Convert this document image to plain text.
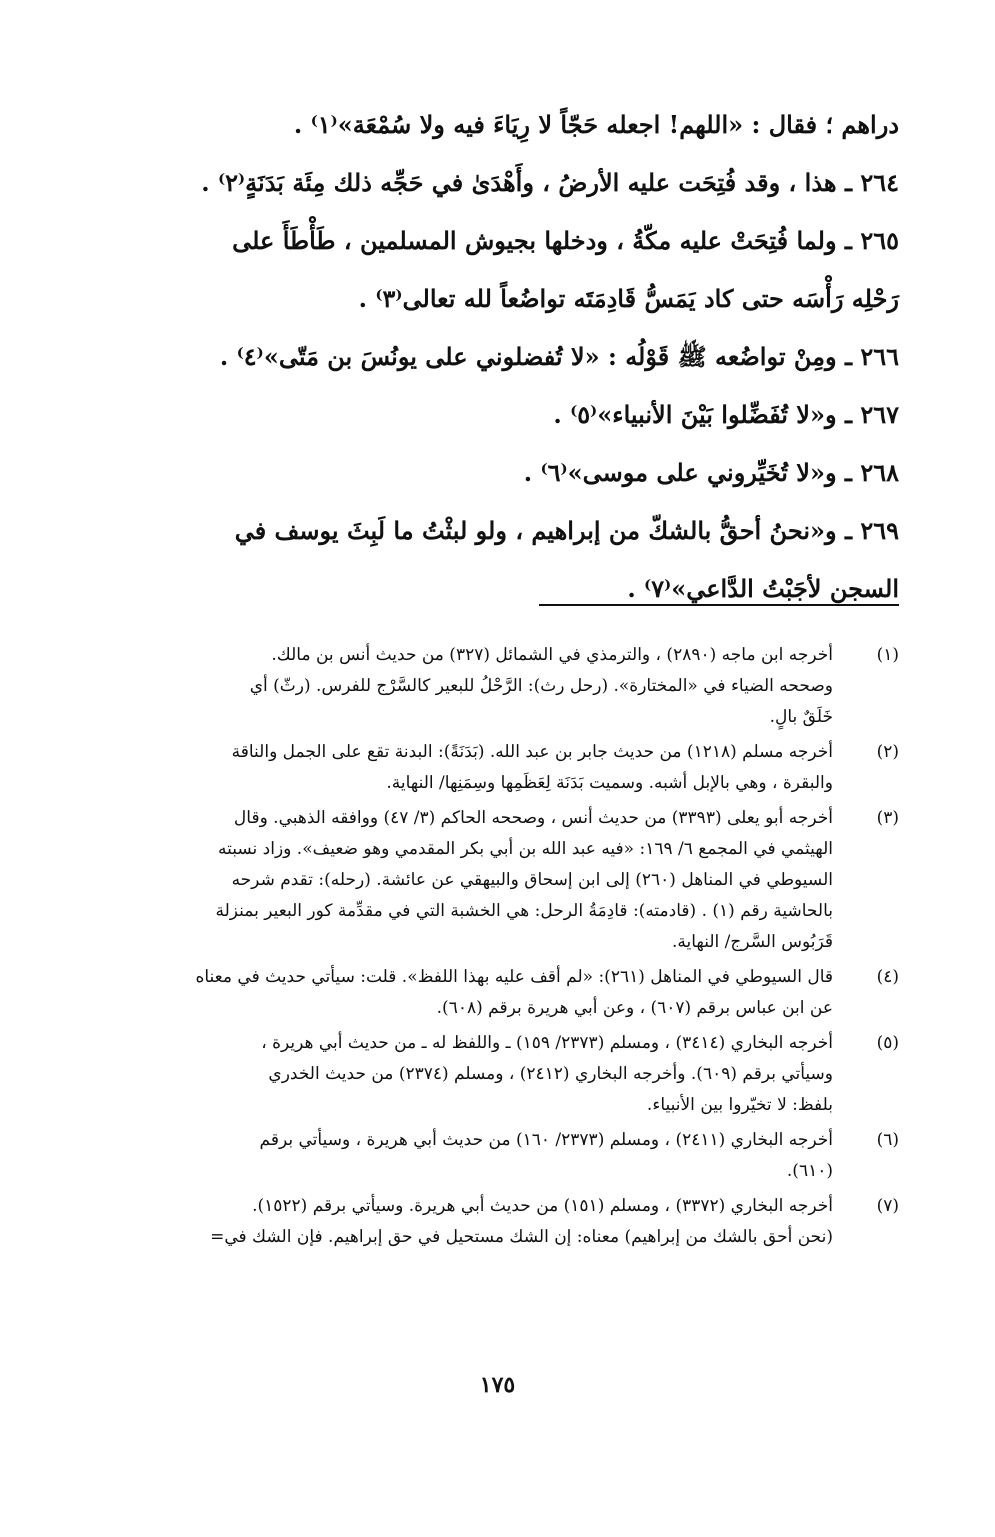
دراهم ؛ فقال : «اللهم! اجعله حَجّاً لا رِيَاءَ فيه ولا سُمْعَة»⁽١⁾ .

٢٦٤ ـ هذا ، وقد فُتِحَت عليه الأرضُ ، وأَهْدَىٰ في حَجِّه ذلك مِئَة بَدَنَةٍ⁽٢⁾ .

٢٦٥ ـ ولما فُتِحَتْ عليه مكّةُ ، ودخلها بجيوش المسلمين ، طَأْطَأَ على

رَحْلِه رَأْسَه حتى كاد يَمَسُّ قَادِمَتَه تواضُعاً لله تعالى⁽٣⁾ .

٢٦٦ ـ ومِنْ تواضُعه ﷺ قَوْلُه : «لا تُفضلوني على يونُسَ بن مَتّى»⁽٤⁾ .

٢٦٧ ـ و«لا تُفَضِّلوا بَيْنَ الأنبياء»⁽٥⁾ .

٢٦٨ ـ و«لا تُخَيِّروني على موسى»⁽٦⁾ .

٢٦٩ ـ و«نحنُ أحقُّ بالشكّ من إبراهيم ، ولو لبثْتُ ما لَبِثَ يوسف في

السجن لأجَبْتُ الدَّاعي»⁽٧⁾ .

(١)
أخرجه ابن ماجه (٢٨٩٠) ، والترمذي في الشمائل (٣٢٧) من حديث أنس بن مالك.
وصححه الضياء في «المختارة». (رحل رث): الرَّحْلُ للبعير كالسَّرْج للفرس. (رثّ) أي
خَلَقٌ بالٍ.
(٢)
أخرجه مسلم (١٢١٨) من حديث جابر بن عبد الله. (بَدَنَةً): البدنة تقع على الجمل والناقة
والبقرة ، وهي بالإبل أشبه. وسميت بَدَنَة لِعَظَمِها وسِمَنِها/ النهاية.
(٣)
أخرجه أبو يعلى (٣٣٩٣) من حديث أنس ، وصححه الحاكم (٣/ ٤٧) ووافقه الذهبي. وقال
الهيثمي في المجمع ٦/ ١٦٩: «فيه عبد الله بن أبي بكر المقدمي وهو ضعيف». وزاد نسبته
السيوطي في المناهل (٢٦٠) إلى ابن إسحاق والبيهقي عن عائشة. (رحله): تقدم شرحه
بالحاشية رقم (١) . (قادمته): قادِمَةُ الرحل: هي الخشبة التي في مقدِّمة كور البعير بمنزلة
قَرَبُوس السَّرج/ النهاية.
(٤)
قال السيوطي في المناهل (٢٦١): «لم أقف عليه بهذا اللفظ». قلت: سيأتي حديث في معناه
عن ابن عباس برقم (٦٠٧) ، وعن أبي هريرة برقم (٦٠٨).
(٥)
أخرجه البخاري (٣٤١٤) ، ومسلم (٢٣٧٣/ ١٥٩) ـ واللفظ له ـ من حديث أبي هريرة ،
وسيأتي برقم (٦٠٩). وأخرجه البخاري (٢٤١٢) ، ومسلم (٢٣٧٤) من حديث الخدري
بلفظ: لا تخيّروا بين الأنبياء.
(٦)
أخرجه البخاري (٢٤١١) ، ومسلم (٢٣٧٣/ ١٦٠) من حديث أبي هريرة ، وسيأتي برقم
(٦١٠).
(٧)
أخرجه البخاري (٣٣٧٢) ، ومسلم (١٥١) من حديث أبي هريرة. وسيأتي برقم (١٥٢٢).
(نحن أحق بالشك من إبراهيم) معناه: إن الشك مستحيل في حق إبراهيم. فإن الشك في=
١٧٥
